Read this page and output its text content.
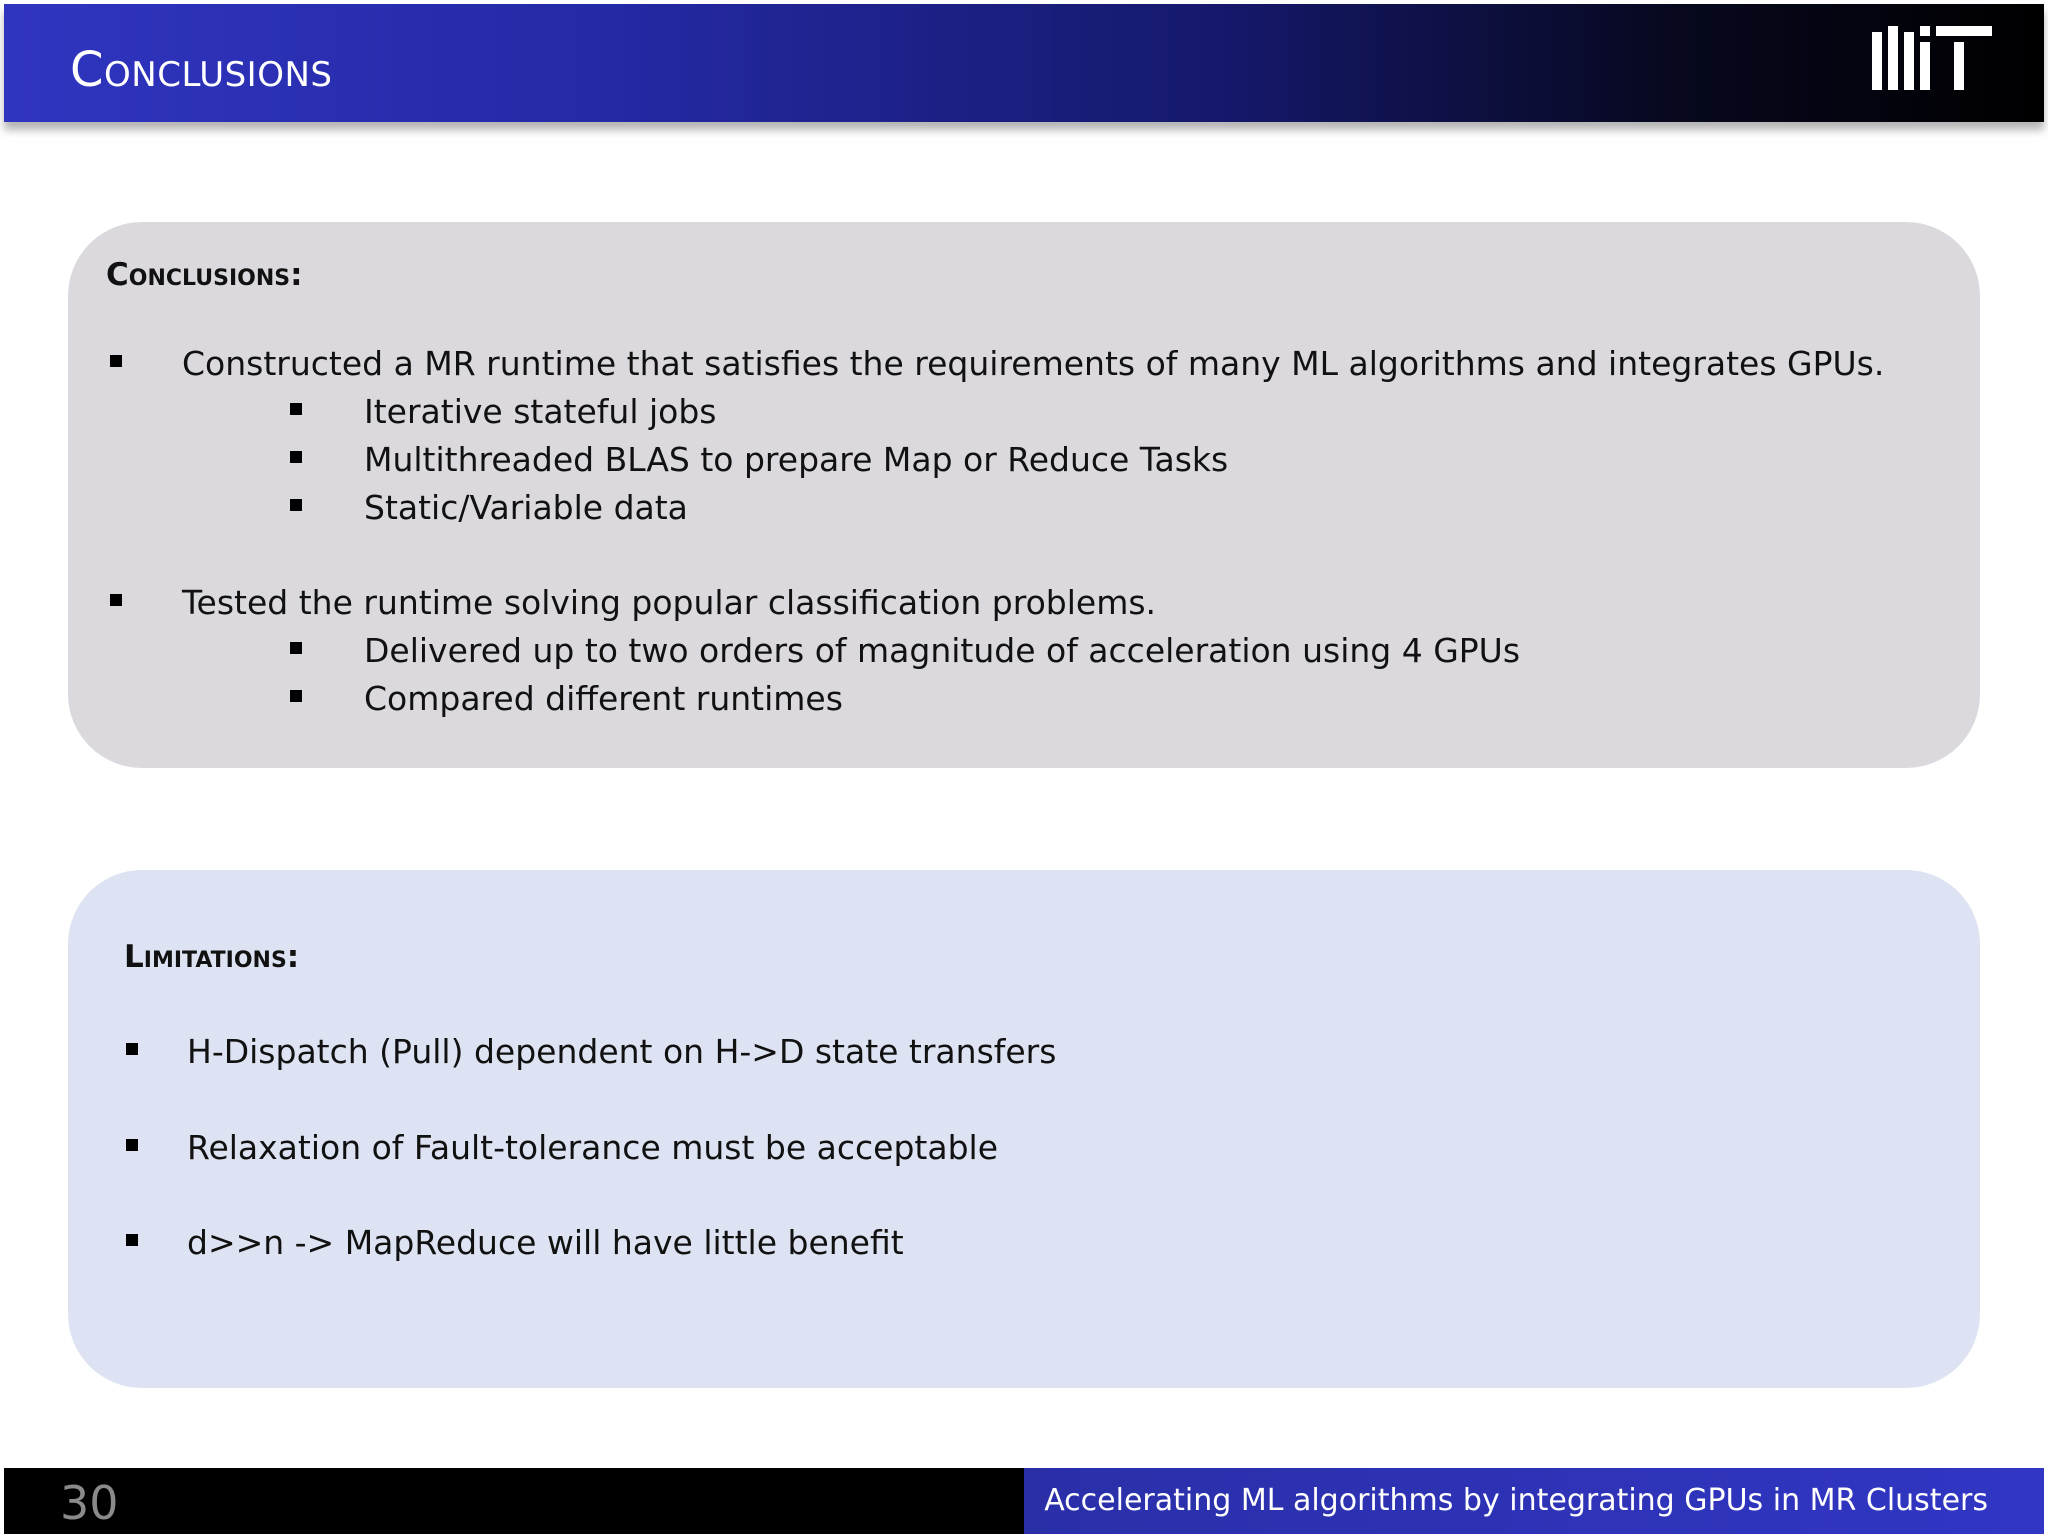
Conclusions
Conclusions:
Constructed a MR runtime that satisfies the requirements of many ML algorithms and integrates GPUs.
Iterative stateful jobs
Multithreaded BLAS to prepare Map or Reduce Tasks
Static/Variable data
Tested the runtime solving popular classification problems.
Delivered up to two orders of magnitude of acceleration using 4 GPUs
Compared different runtimes
Limitations:
H-Dispatch (Pull) dependent on H->D state transfers
Relaxation of Fault-tolerance must be acceptable
d>>n -> MapReduce will have little benefit
30	Accelerating ML algorithms by integrating GPUs in MR Clusters
